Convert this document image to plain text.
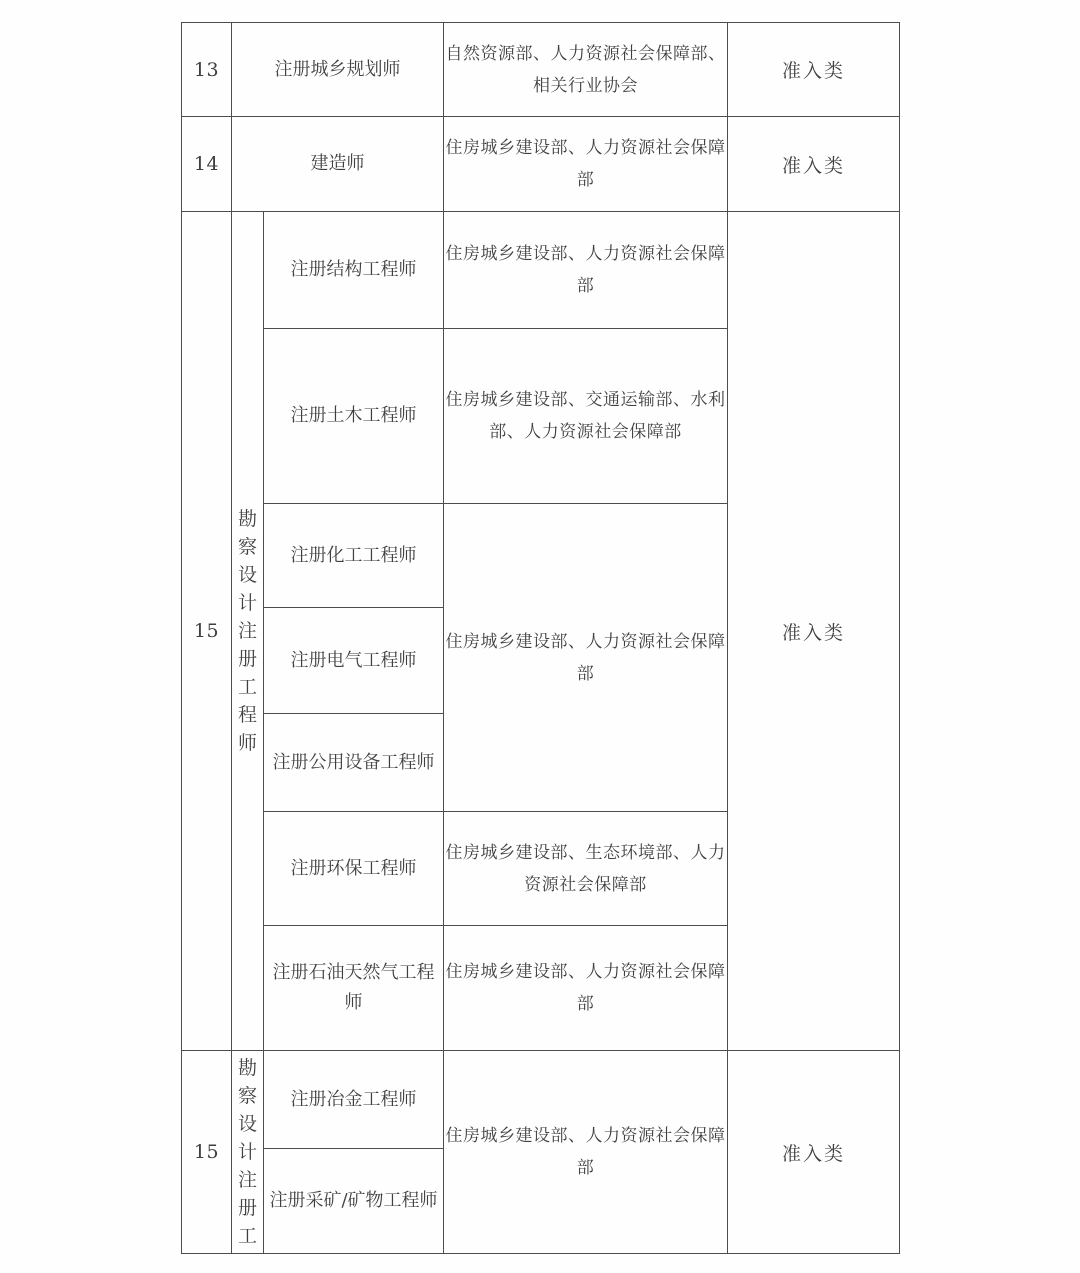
13	注册城乡规划师		自然资源部、人力资源社会保障部、相关行业协会	准入类
14	建造师		住房城乡建设部、人力资源社会保障部	准入类
15	勘察设计注册工程师	注册结构工程师	住房城乡建设部、人力资源社会保障部	准入类
		注册土木工程师	住房城乡建设部、交通运输部、水利部、人力资源社会保障部	
		注册化工工程师	住房城乡建设部、人力资源社会保障部	
		注册电气工程师		
		注册公用设备工程师		
		注册环保工程师	住房城乡建设部、生态环境部、人力资源社会保障部	
		注册石油天然气工程师	住房城乡建设部、人力资源社会保障部	
15	勘察设计注册工	注册冶金工程师	住房城乡建设部、人力资源社会保障部	准入类
		注册采矿/矿物工程师		
